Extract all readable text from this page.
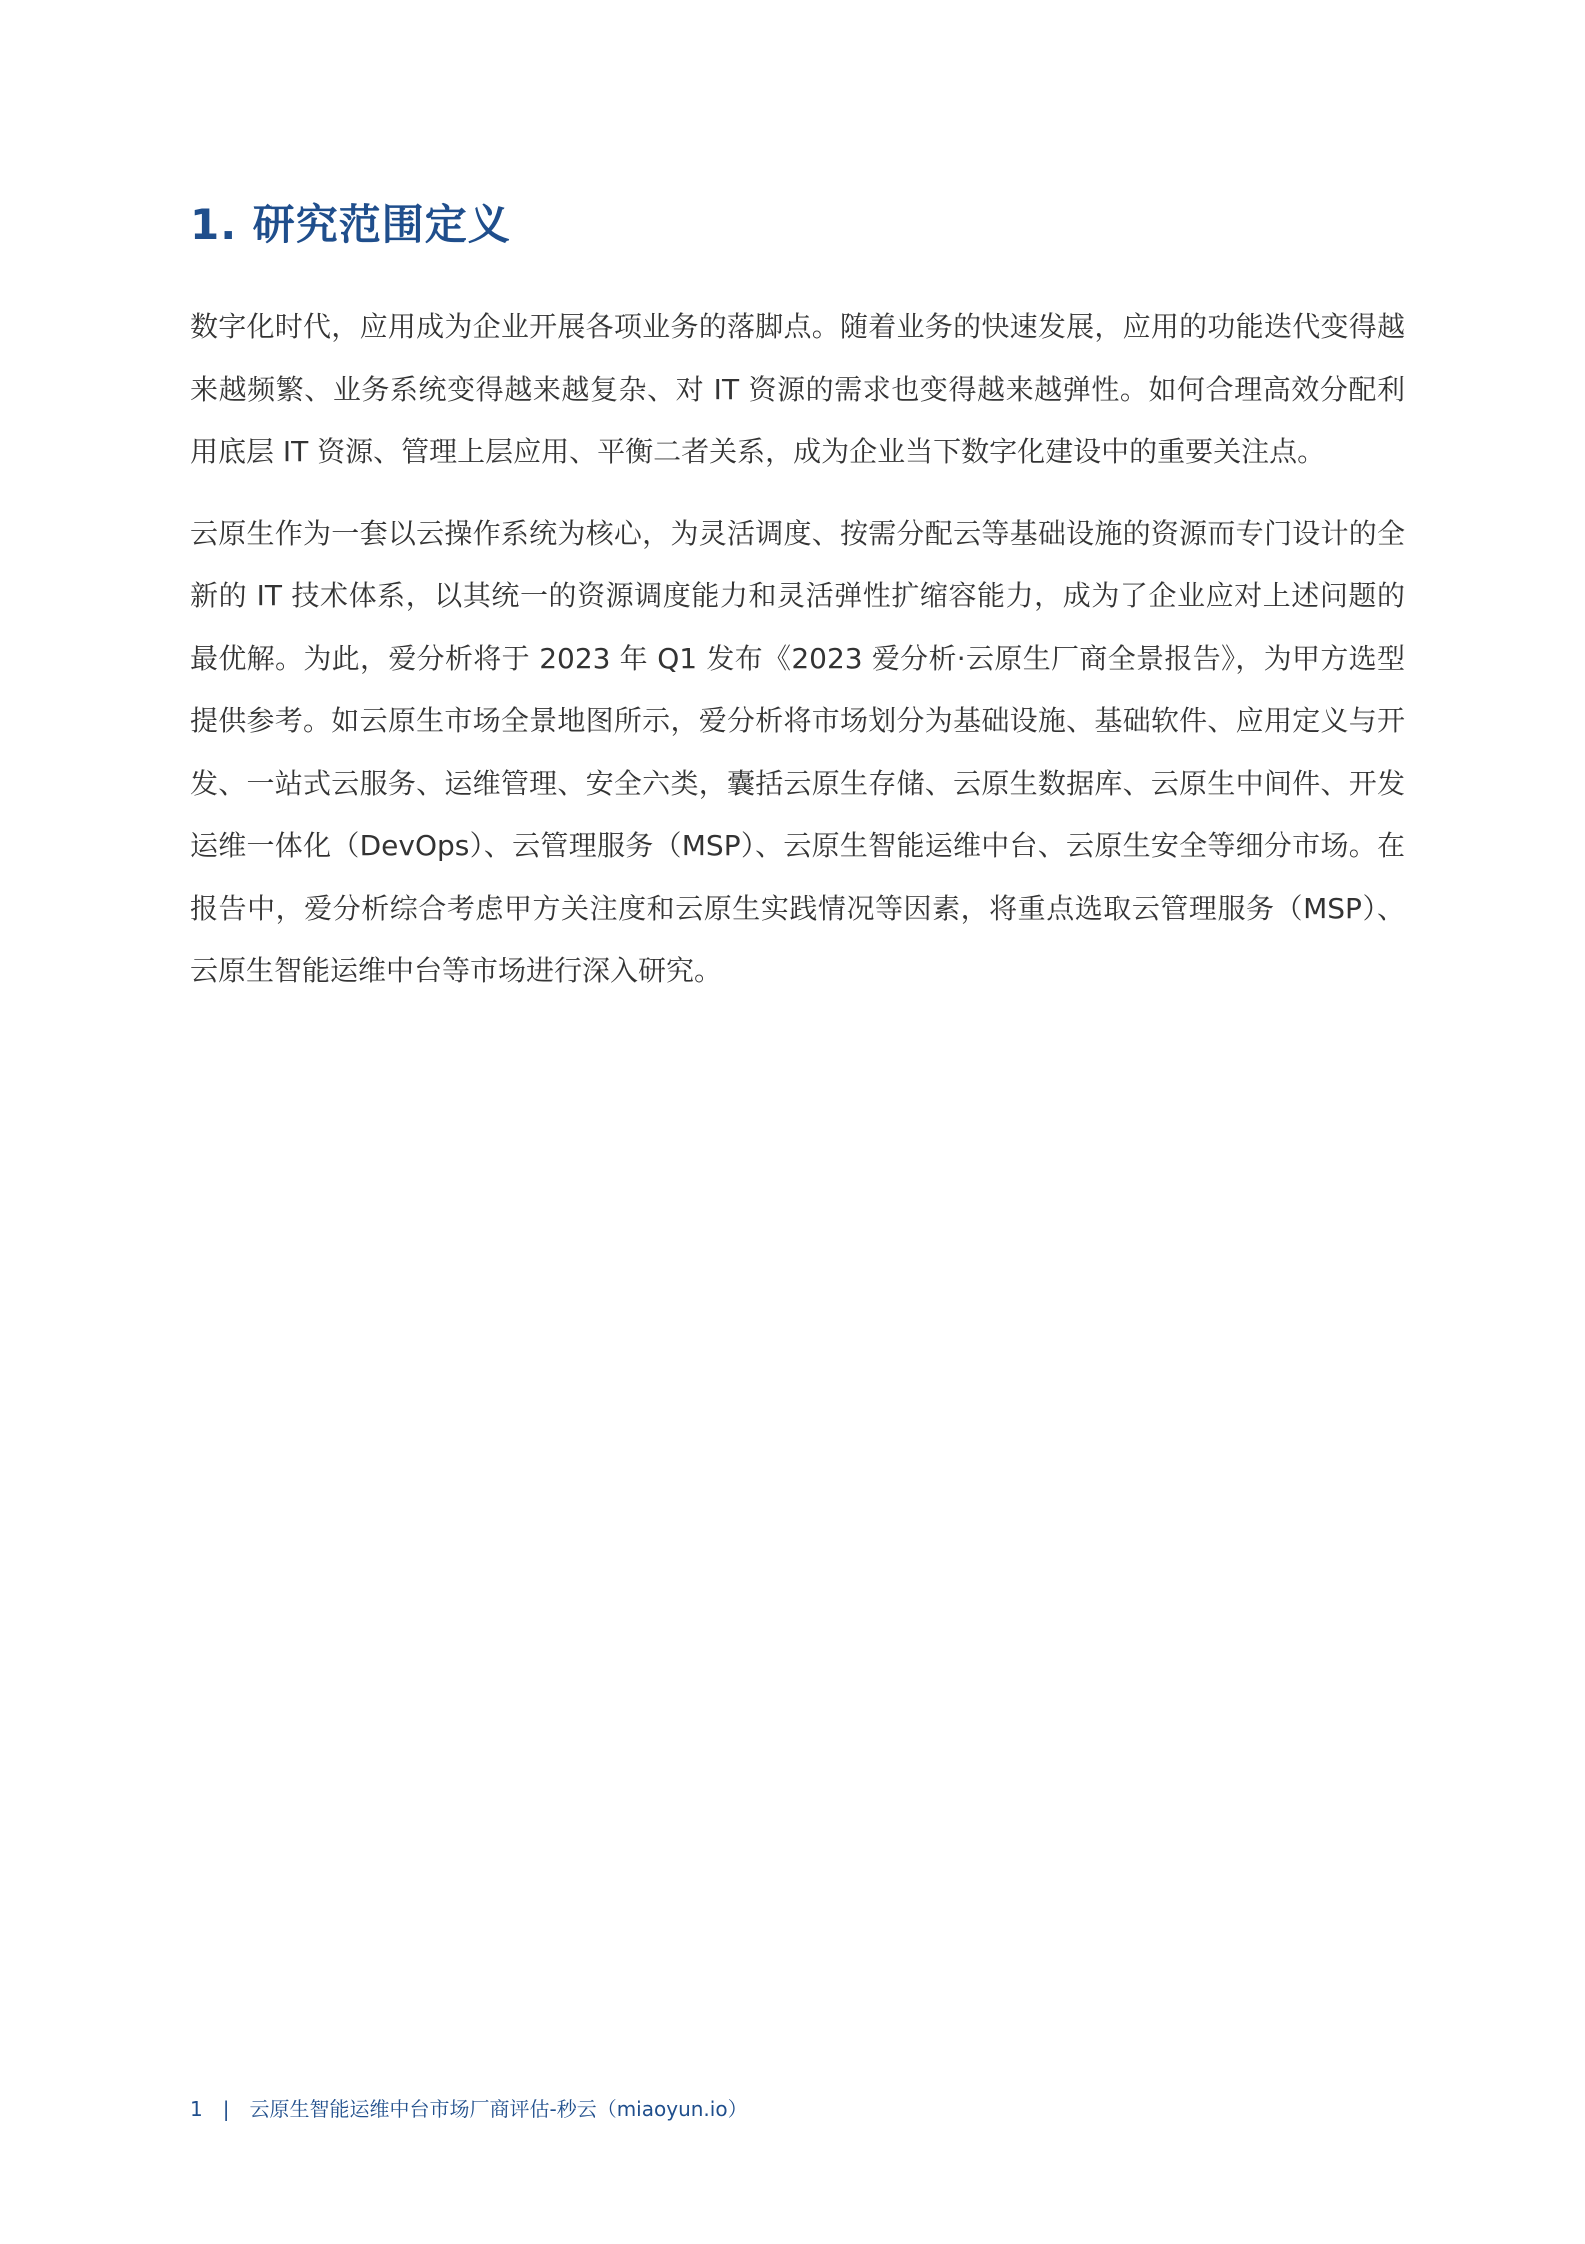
1. 研究范围定义

数字化时代，应用成为企业开展各项业务的落脚点。随着业务的快速发展，应用的功能迭代变得越来越频繁、业务系统变得越来越复杂、对 IT 资源的需求也变得越来越弹性。如何合理高效分配利用底层 IT 资源、管理上层应用、平衡二者关系，成为企业当下数字化建设中的重要关注点。

云原生作为一套以云操作系统为核心，为灵活调度、按需分配云等基础设施的资源而专门设计的全新的 IT 技术体系，以其统一的资源调度能力和灵活弹性扩缩容能力，成为了企业应对上述问题的最优解。为此，爱分析将于 2023 年 Q1 发布《2023 爱分析·云原生厂商全景报告》，为甲方选型提供参考。如云原生市场全景地图所示，爱分析将市场划分为基础设施、基础软件、应用定义与开发、一站式云服务、运维管理、安全六类，囊括云原生存储、云原生数据库、云原生中间件、开发运维一体化（DevOps）、云管理服务（MSP）、云原生智能运维中台、云原生安全等细分市场。在报告中，爱分析综合考虑甲方关注度和云原生实践情况等因素，将重点选取云管理服务（MSP）、云原生智能运维中台等市场进行深入研究。

1 | 云原生智能运维中台市场厂商评估-秒云（miaoyun.io）
